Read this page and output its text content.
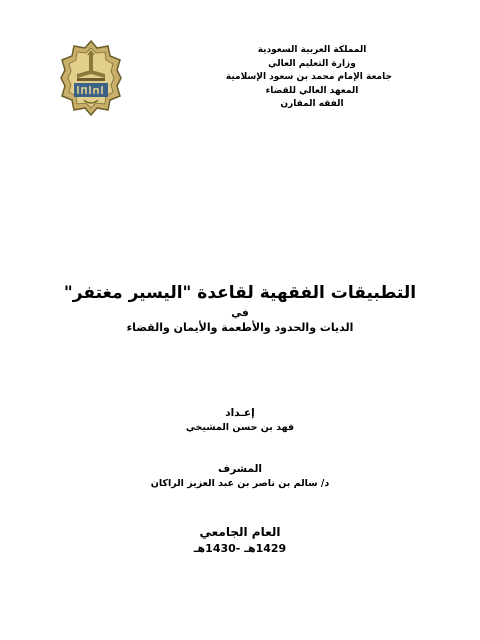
المملكة العربية السعودية
وزارة التعليم العالي
جامعة الإمام محمد بن سعود الإسلامية
المعهد العالي للقضاء
الفقه المقارن
التطبيقات الفقهية لقاعدة "اليسير مغتفر"
في
الديات والحدود والأطعمة والأيمان والقضاء
إعـداد
فهد بن حسن المشيخي
المشرف
د/ سالم بن ناصر بن عبد العزيز الراكان
العام الجامعي
1429هـ -1430هـ
